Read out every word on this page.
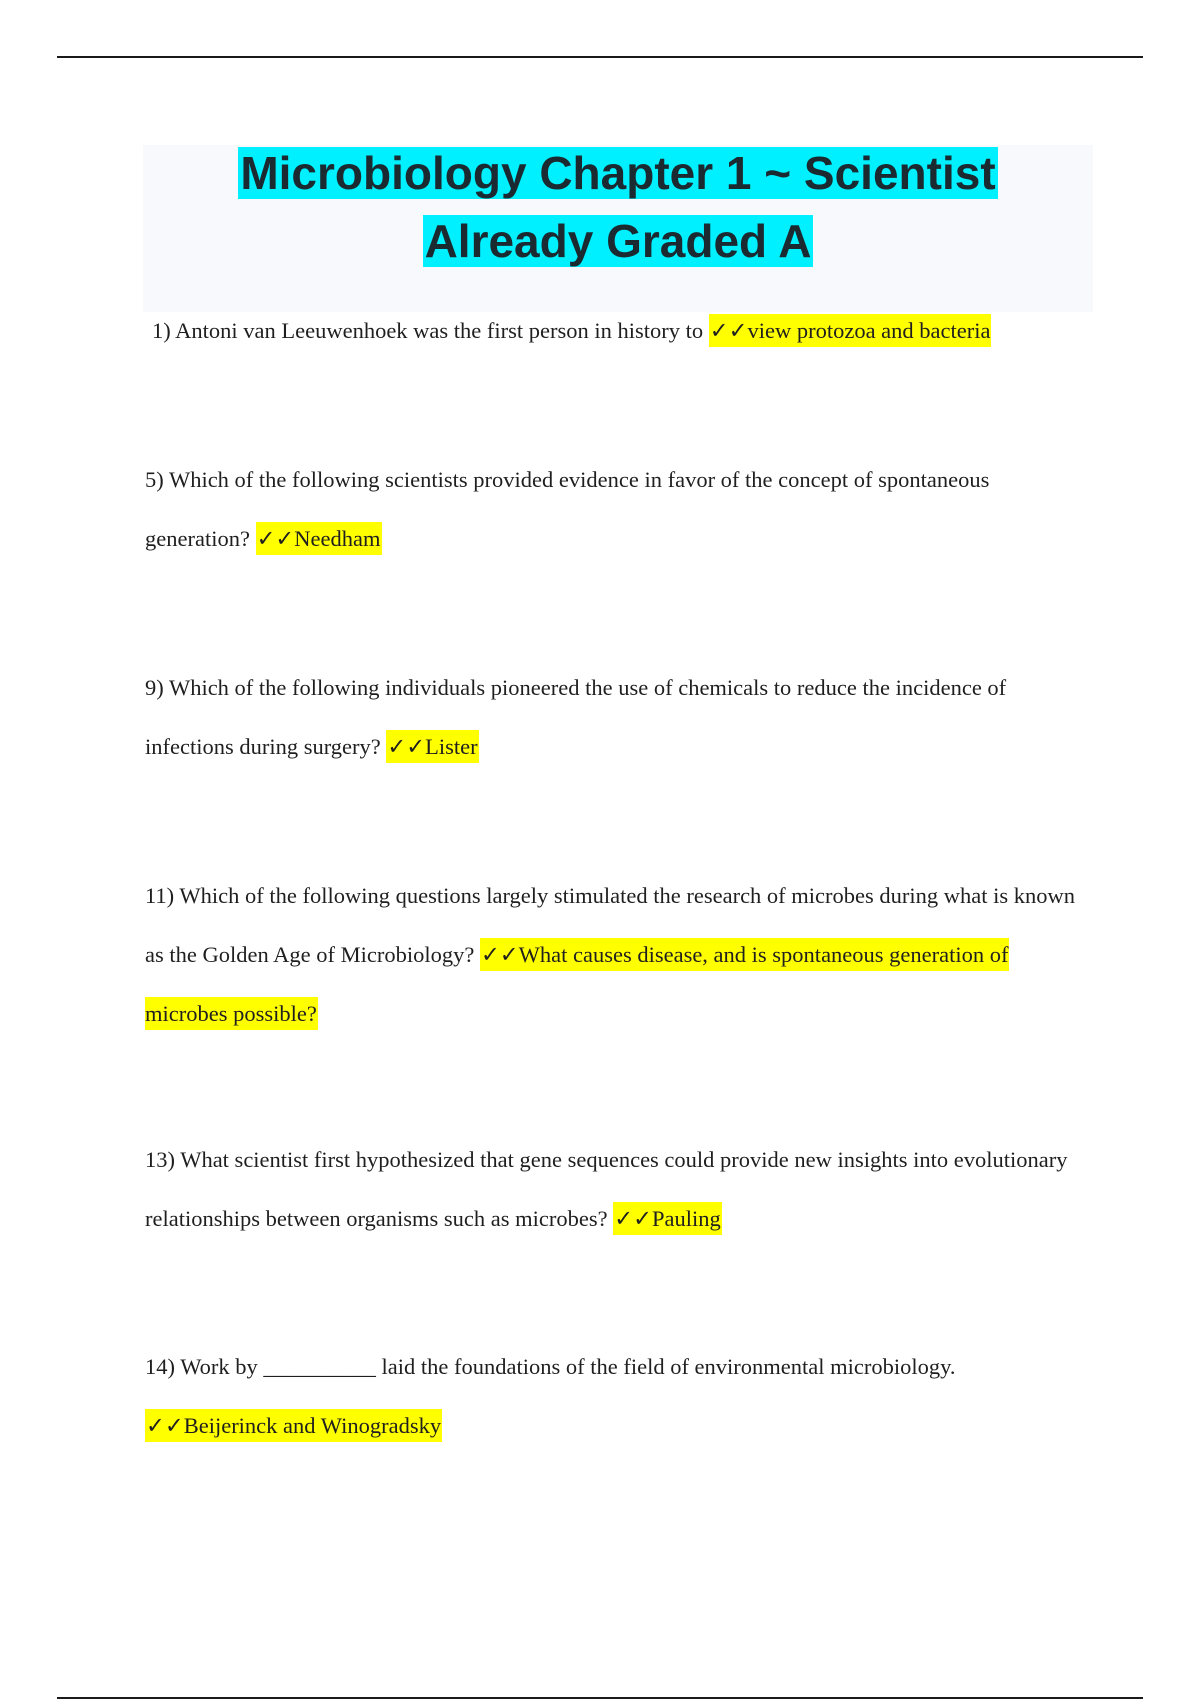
Microbiology Chapter 1 ~ Scientist
Already Graded A
1) Antoni van Leeuwenhoek was the first person in history to ✓✓view protozoa and bacteria
5) Which of the following scientists provided evidence in favor of the concept of spontaneous generation? ✓✓Needham
9) Which of the following individuals pioneered the use of chemicals to reduce the incidence of infections during surgery? ✓✓Lister
11) Which of the following questions largely stimulated the research of microbes during what is known as the Golden Age of Microbiology? ✓✓What causes disease, and is spontaneous generation of microbes possible?
13) What scientist first hypothesized that gene sequences could provide new insights into evolutionary relationships between organisms such as microbes? ✓✓Pauling
14) Work by __________ laid the foundations of the field of environmental microbiology. ✓✓Beijerinck and Winogradsky
